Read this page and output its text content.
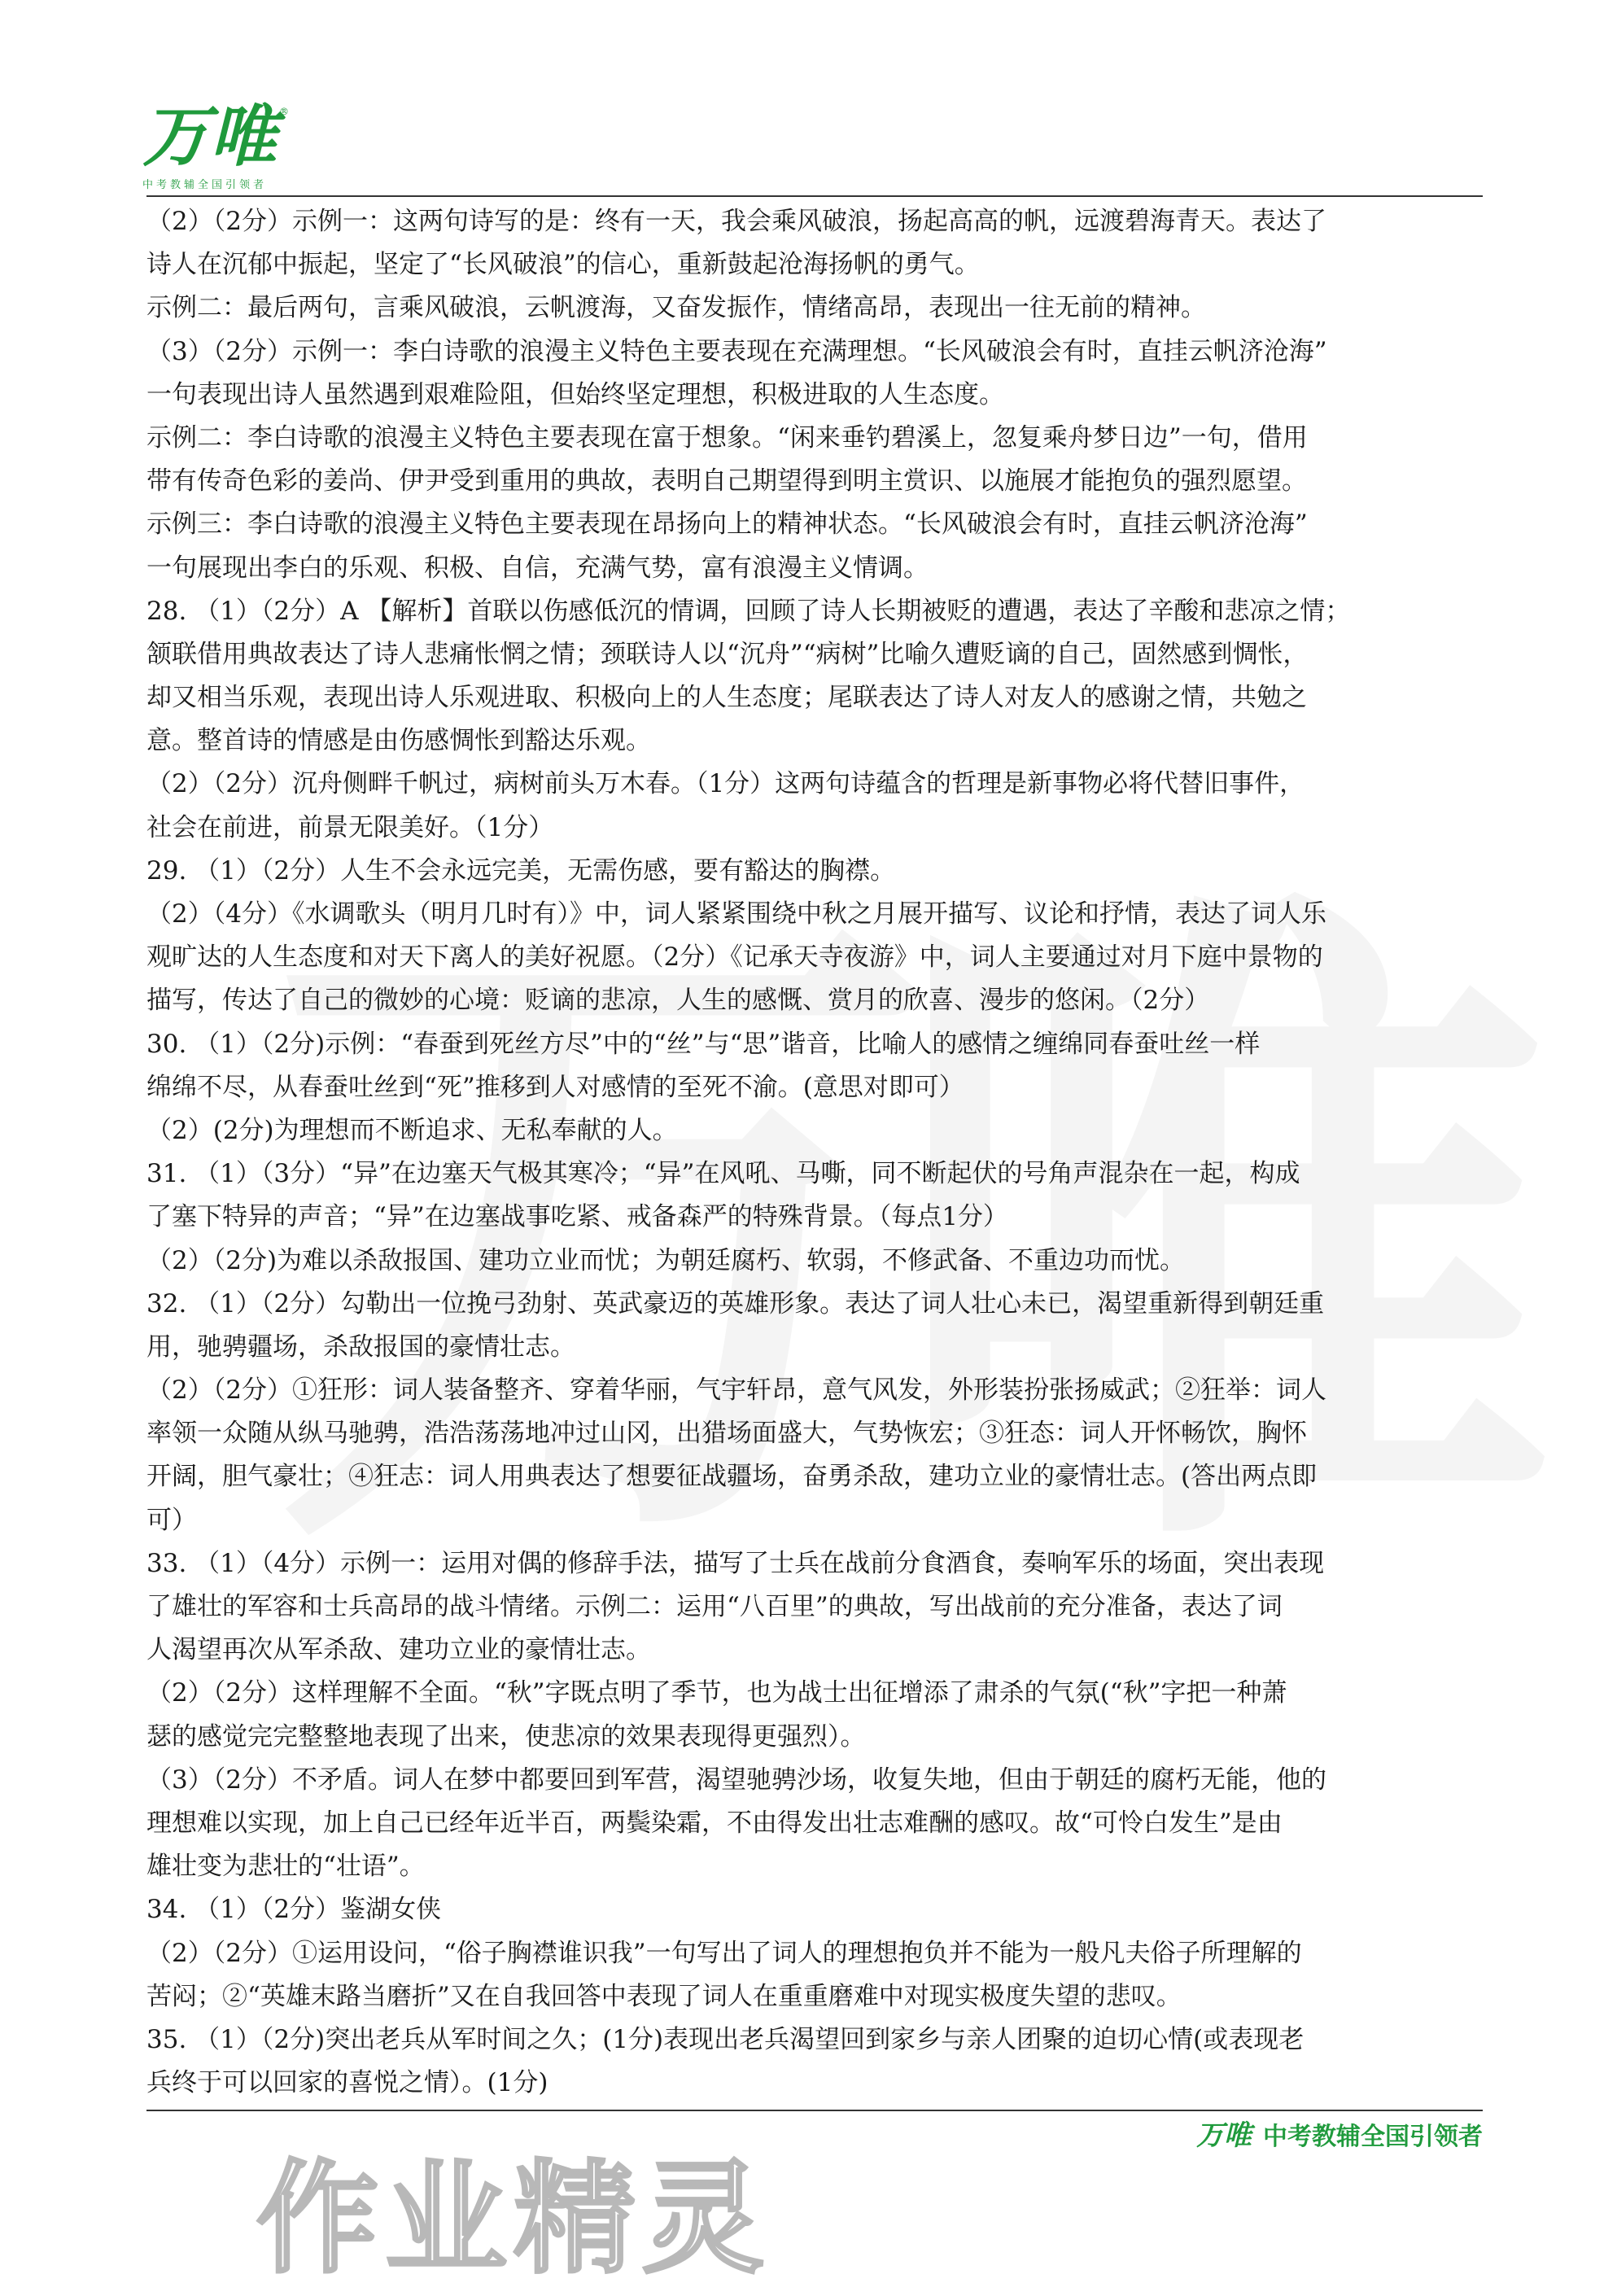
万唯 ®
中考教辅全国引领者
（2）（2分）示例一：这两句诗写的是：终有一天，我会乘风破浪，扬起高高的帆，远渡碧海青天。表达了
诗人在沉郁中振起，坚定了“长风破浪”的信心，重新鼓起沧海扬帆的勇气。
示例二：最后两句，言乘风破浪，云帆渡海，又奋发振作，情绪高昂，表现出一往无前的精神。
（3）（2分）示例一：李白诗歌的浪漫主义特色主要表现在充满理想。“长风破浪会有时，直挂云帆济沧海”
一句表现出诗人虽然遇到艰难险阻，但始终坚定理想，积极进取的人生态度。
示例二：李白诗歌的浪漫主义特色主要表现在富于想象。“闲来垂钓碧溪上，忽复乘舟梦日边”一句，借用
带有传奇色彩的姜尚、伊尹受到重用的典故，表明自己期望得到明主赏识、以施展才能抱负的强烈愿望。
示例三：李白诗歌的浪漫主义特色主要表现在昂扬向上的精神状态。“长风破浪会有时，直挂云帆济沧海”
一句展现出李白的乐观、积极、自信，充满气势，富有浪漫主义情调。
28. （1）（2分）A 【解析】首联以伤感低沉的情调，回顾了诗人长期被贬的遭遇，表达了辛酸和悲凉之情；
颔联借用典故表达了诗人悲痛怅惘之情；颈联诗人以“沉舟”“病树”比喻久遭贬谪的自己，固然感到惆怅，
却又相当乐观，表现出诗人乐观进取、积极向上的人生态度；尾联表达了诗人对友人的感谢之情，共勉之
意。整首诗的情感是由伤感惆怅到豁达乐观。
（2）（2分）沉舟侧畔千帆过，病树前头万木春。（1分）这两句诗蕴含的哲理是新事物必将代替旧事件，
社会在前进，前景无限美好。（1分）
29. （1）（2分）人生不会永远完美，无需伤感，要有豁达的胸襟。
（2）（4分）《水调歌头（明月几时有）》中，词人紧紧围绕中秋之月展开描写、议论和抒情，表达了词人乐
观旷达的人生态度和对天下离人的美好祝愿。（2分）《记承天寺夜游》中，词人主要通过对月下庭中景物的
描写，传达了自己的微妙的心境：贬谪的悲凉，人生的感慨、赏月的欣喜、漫步的悠闲。（2分）
30. （1）（2分)示例：“春蚕到死丝方尽”中的“丝”与“思”谐音，比喻人的感情之缠绵同春蚕吐丝一样
绵绵不尽，从春蚕吐丝到“死”推移到人对感情的至死不渝。(意思对即可）
（2）(2分)为理想而不断追求、无私奉献的人。
31. （1）（3分）“异”在边塞天气极其寒冷；“异”在风吼、马嘶，同不断起伏的号角声混杂在一起，构成
了塞下特异的声音；“异”在边塞战事吃紧、戒备森严的特殊背景。（每点1分）
（2）（2分)为难以杀敌报国、建功立业而忧；为朝廷腐朽、软弱，不修武备、不重边功而忧。
32. （1）（2分）勾勒出一位挽弓劲射、英武豪迈的英雄形象。表达了词人壮心未已，渴望重新得到朝廷重
用，驰骋疆场，杀敌报国的豪情壮志。
（2）（2分）①狂形：词人装备整齐、穿着华丽，气宇轩昂，意气风发，外形装扮张扬威武；②狂举：词人
率领一众随从纵马驰骋，浩浩荡荡地冲过山冈，出猎场面盛大，气势恢宏；③狂态：词人开怀畅饮，胸怀
开阔，胆气豪壮；④狂志：词人用典表达了想要征战疆场，奋勇杀敌，建功立业的豪情壮志。(答出两点即
可）
33. （1）（4分）示例一：运用对偶的修辞手法，描写了士兵在战前分食酒食，奏响军乐的场面，突出表现
了雄壮的军容和士兵高昂的战斗情绪。示例二：运用“八百里”的典故，写出战前的充分准备，表达了词
人渴望再次从军杀敌、建功立业的豪情壮志。
（2）（2分）这样理解不全面。“秋”字既点明了季节，也为战士出征增添了肃杀的气氛(“秋”字把一种萧
瑟的感觉完完整整地表现了出来，使悲凉的效果表现得更强烈）。
（3）（2分）不矛盾。词人在梦中都要回到军营，渴望驰骋沙场，收复失地，但由于朝廷的腐朽无能，他的
理想难以实现，加上自己已经年近半百，两鬓染霜，不由得发出壮志难酬的感叹。故“可怜白发生”是由
雄壮变为悲壮的“壮语”。
34. （1）（2分）鉴湖女侠
（2）（2分）①运用设问，“俗子胸襟谁识我”一句写出了词人的理想抱负并不能为一般凡夫俗子所理解的
苦闷；②“英雄末路当磨折”又在自我回答中表现了词人在重重磨难中对现实极度失望的悲叹。
35. （1）（2分)突出老兵从军时间之久；(1分)表现出老兵渴望回到家乡与亲人团聚的迫切心情(或表现老
兵终于可以回家的喜悦之情）。(1分)
万唯 中考教辅全国引领者
作业精灵
